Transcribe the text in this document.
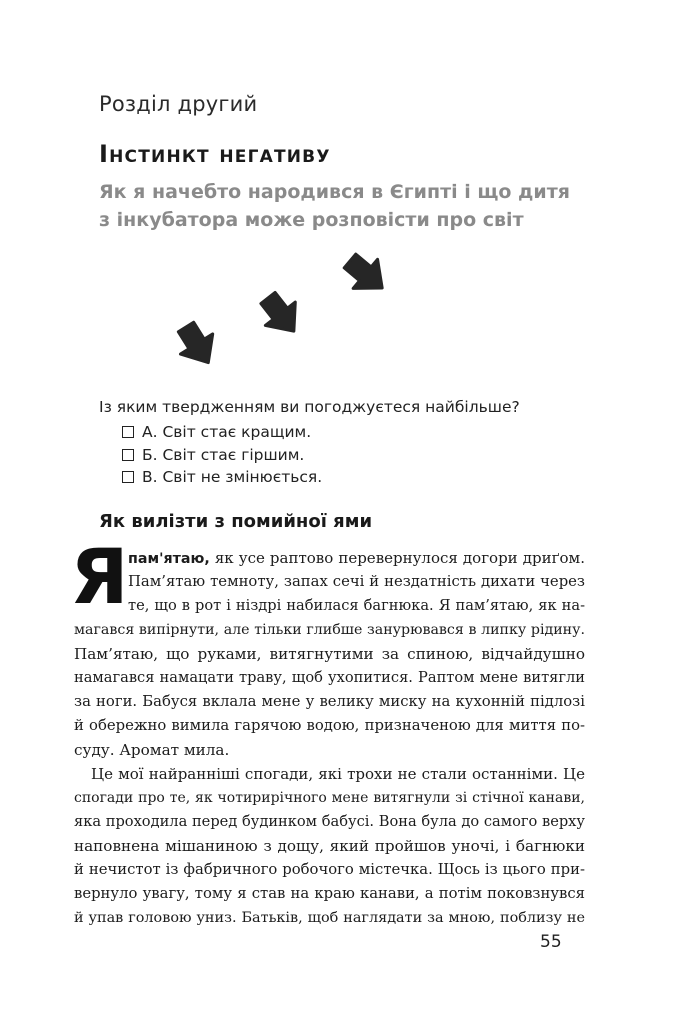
Розділ другий
Інстинкт негативу
Як я начебто народився в Єгипті і що дитя
з інкубатора може розповісти про світ
Із яким твердженням ви погоджуєтеся найбільше?
А. Світ стає кращим.
Б. Світ стає гіршим.
В. Світ не змінюється.
Як вилізти з помийної ями
Я пам'ятаю, як усе раптово перевернулося догори дриґом.
Пам’ятаю темноту, запах сечі й нездатність дихати через
те, що в рот і ніздрі набилася багнюка. Я пам’ятаю, як на-
магався випірнути, але тільки глибше занурювався в липку рідину.
Пам’ятаю, що руками, витягнутими за спиною, відчайдушно
намагався намацати траву, щоб ухопитися. Раптом мене витягли
за ноги. Бабуся вклала мене у велику миску на кухонній підлозі
й обережно вимила гарячою водою, призначеною для миття по-
суду. Аромат мила.
Це мої найранніші спогади, які трохи не стали останніми. Це
спогади про те, як чотирирічного мене витягнули зі стічної канави,
яка проходила перед будинком бабусі. Вона була до самого верху
наповнена мішаниною з дощу, який пройшов уночі, і багнюки
й нечистот із фабричного робочого містечка. Щось із цього при-
вернуло увагу, тому я став на краю канави, а потім поковзнувся
й упав головою униз. Батьків, щоб наглядати за мною, поблизу не
55
